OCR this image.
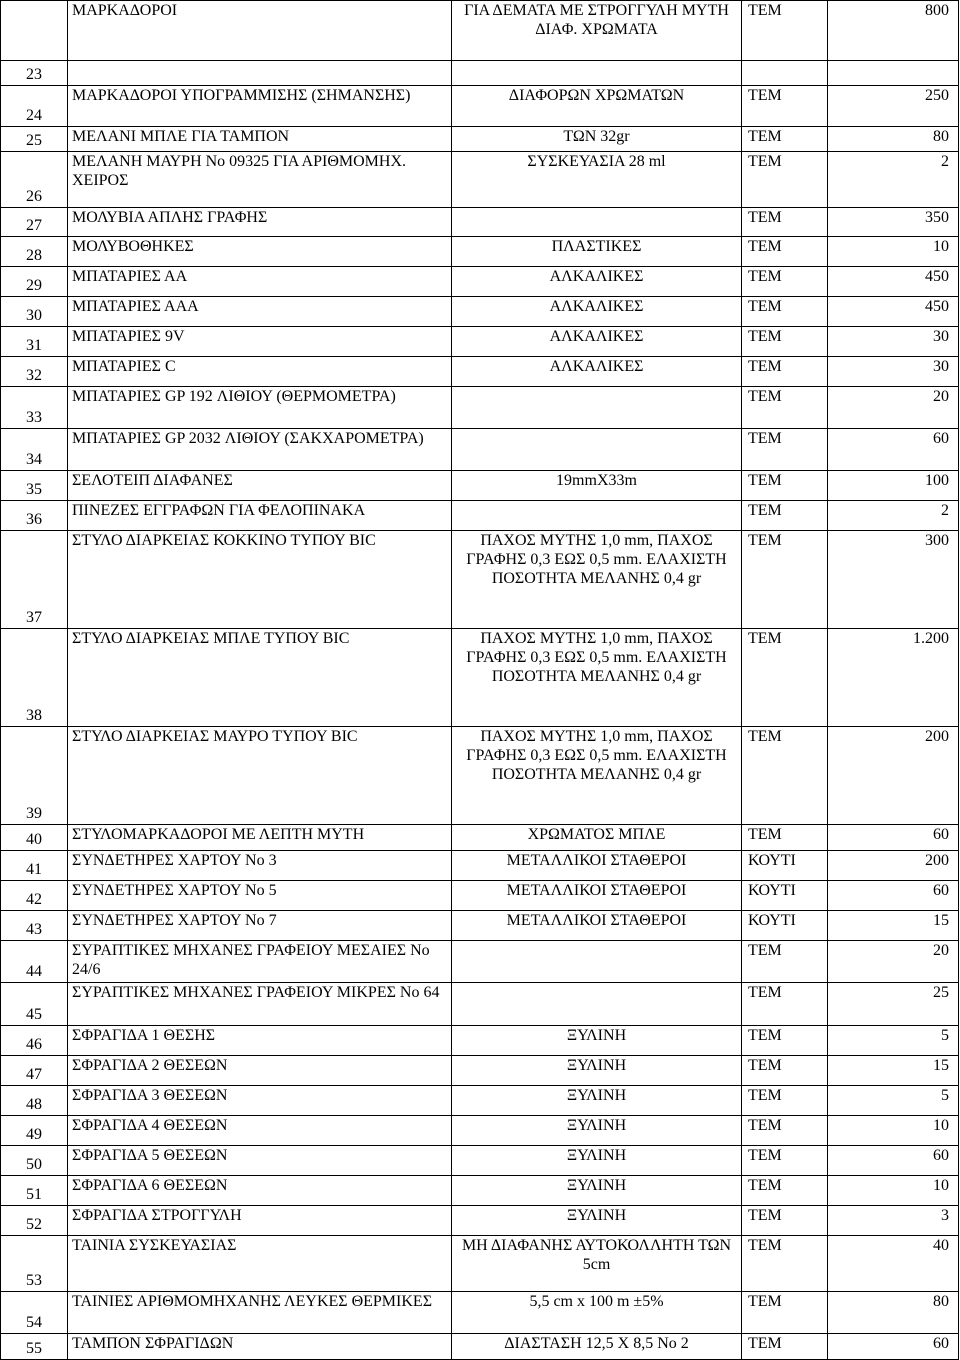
	ΜΑΡΚΑΔΟΡΟΙ	ΓΙΑ ΔΕΜΑΤΑ ΜΕ ΣΤΡΟΓΓΥΛΗ ΜΥΤΗ ΔΙΑΦ. ΧΡΩΜΑΤΑ	ΤΕΜ	800
23				
24	ΜΑΡΚΑΔΟΡΟΙ ΥΠΟΓΡΑΜΜΙΣΗΣ (ΣΗΜΑΝΣΗΣ)	ΔΙΑΦΟΡΩΝ ΧΡΩΜΑΤΩΝ	ΤΕΜ	250
25	ΜΕΛΑΝΙ ΜΠΛΕ ΓΙΑ ΤΑΜΠΟΝ	ΤΩΝ 32gr	ΤΕΜ	80
26	ΜΕΛΑΝΗ ΜΑΥΡΗ Νο 09325 ΓΙΑ ΑΡΙΘΜΟΜΗΧ. ΧΕΙΡΟΣ	ΣΥΣΚΕΥΑΣΙΑ 28 ml	ΤΕΜ	2
27	ΜΟΛΥΒΙΑ ΑΠΛΗΣ ΓΡΑΦΗΣ		ΤΕΜ	350
28	ΜΟΛΥΒΟΘΗΚΕΣ	ΠΛΑΣΤΙΚΕΣ	ΤΕΜ	10
29	ΜΠΑΤΑΡΙΕΣ ΑΑ	ΑΛΚΑΛΙΚΕΣ	ΤΕΜ	450
30	ΜΠΑΤΑΡΙΕΣ ΑΑΑ	ΑΛΚΑΛΙΚΕΣ	ΤΕΜ	450
31	ΜΠΑΤΑΡΙΕΣ 9V	ΑΛΚΑΛΙΚΕΣ	ΤΕΜ	30
32	ΜΠΑΤΑΡΙΕΣ C	ΑΛΚΑΛΙΚΕΣ	ΤΕΜ	30
33	ΜΠΑΤΑΡΙΕΣ GP 192 ΛΙΘΙΟΥ (ΘΕΡΜΟΜΕΤΡΑ)		ΤΕΜ	20
34	ΜΠΑΤΑΡΙΕΣ GP 2032 ΛΙΘΙΟΥ (ΣΑΚΧΑΡΟΜΕΤΡΑ)		ΤΕΜ	60
35	ΣΕΛΟΤΕΙΠ ΔΙΑΦΑΝΕΣ	19mmX33m	ΤΕΜ	100
36	ΠΙΝΕΖΕΣ ΕΓΓΡΑΦΩΝ ΓΙΑ ΦΕΛΟΠΙΝΑΚΑ		ΤΕΜ	2
37	ΣΤΥΛΟ ΔΙΑΡΚΕΙΑΣ ΚΟΚΚΙΝΟ ΤΥΠΟΥ BIC	ΠΑΧΟΣ ΜΥΤΗΣ 1,0 mm, ΠΑΧΟΣ ΓΡΑΦΗΣ 0,3 ΕΩΣ 0,5 mm. ΕΛΑΧΙΣΤΗ ΠΟΣΟΤΗΤΑ ΜΕΛΑΝΗΣ 0,4 gr	ΤΕΜ	300
38	ΣΤΥΛΟ ΔΙΑΡΚΕΙΑΣ ΜΠΛΕ ΤΥΠΟΥ BIC	ΠΑΧΟΣ ΜΥΤΗΣ 1,0 mm, ΠΑΧΟΣ ΓΡΑΦΗΣ 0,3 ΕΩΣ 0,5 mm. ΕΛΑΧΙΣΤΗ ΠΟΣΟΤΗΤΑ ΜΕΛΑΝΗΣ 0,4 gr	ΤΕΜ	1.200
39	ΣΤΥΛΟ ΔΙΑΡΚΕΙΑΣ ΜΑΥΡΟ ΤΥΠΟΥ BIC	ΠΑΧΟΣ ΜΥΤΗΣ 1,0 mm, ΠΑΧΟΣ ΓΡΑΦΗΣ 0,3 ΕΩΣ 0,5 mm. ΕΛΑΧΙΣΤΗ ΠΟΣΟΤΗΤΑ ΜΕΛΑΝΗΣ 0,4 gr	ΤΕΜ	200
40	ΣΤΥΛΟΜΑΡΚΑΔΟΡΟΙ ΜΕ ΛΕΠΤΗ ΜΥΤΗ	ΧΡΩΜΑΤΟΣ ΜΠΛΕ	ΤΕΜ	60
41	ΣΥΝΔΕΤΗΡΕΣ ΧΑΡΤΟΥ Νο 3	ΜΕΤΑΛΛΙΚΟΙ ΣΤΑΘΕΡΟΙ	ΚΟΥΤΙ	200
42	ΣΥΝΔΕΤΗΡΕΣ ΧΑΡΤΟΥ Νο 5	ΜΕΤΑΛΛΙΚΟΙ ΣΤΑΘΕΡΟΙ	ΚΟΥΤΙ	60
43	ΣΥΝΔΕΤΗΡΕΣ ΧΑΡΤΟΥ Νο 7	ΜΕΤΑΛΛΙΚΟΙ ΣΤΑΘΕΡΟΙ	ΚΟΥΤΙ	15
44	ΣΥΡΑΠΤΙΚΕΣ ΜΗΧΑΝΕΣ ΓΡΑΦΕΙΟΥ ΜΕΣΑΙΕΣ Νο 24/6		ΤΕΜ	20
45	ΣΥΡΑΠΤΙΚΕΣ ΜΗΧΑΝΕΣ ΓΡΑΦΕΙΟΥ ΜΙΚΡΕΣ Νο 64		ΤΕΜ	25
46	ΣΦΡΑΓΙΔΑ 1 ΘΕΣΗΣ	ΞΥΛΙΝΗ	ΤΕΜ	5
47	ΣΦΡΑΓΙΔΑ 2 ΘΕΣΕΩΝ	ΞΥΛΙΝΗ	ΤΕΜ	15
48	ΣΦΡΑΓΙΔΑ 3 ΘΕΣΕΩΝ	ΞΥΛΙΝΗ	ΤΕΜ	5
49	ΣΦΡΑΓΙΔΑ 4 ΘΕΣΕΩΝ	ΞΥΛΙΝΗ	ΤΕΜ	10
50	ΣΦΡΑΓΙΔΑ 5 ΘΕΣΕΩΝ	ΞΥΛΙΝΗ	ΤΕΜ	60
51	ΣΦΡΑΓΙΔΑ 6 ΘΕΣΕΩΝ	ΞΥΛΙΝΗ	ΤΕΜ	10
52	ΣΦΡΑΓΙΔΑ ΣΤΡΟΓΓΥΛΗ	ΞΥΛΙΝΗ	ΤΕΜ	3
53	ΤΑΙΝΙΑ ΣΥΣΚΕΥΑΣΙΑΣ	ΜΗ ΔΙΑΦΑΝΗΣ ΑΥΤΟΚΟΛΛΗΤΗ ΤΩΝ 5cm	ΤΕΜ	40
54	ΤΑΙΝΙΕΣ ΑΡΙΘΜΟΜΗΧΑΝΗΣ ΛΕΥΚΕΣ ΘΕΡΜΙΚΕΣ	5,5 cm x 100 m ±5%	ΤΕΜ	80
55	ΤΑΜΠΟΝ ΣΦΡΑΓΙΔΩΝ	ΔΙΑΣΤΑΣΗ 12,5 Χ 8,5 Νο 2	ΤΕΜ	60
